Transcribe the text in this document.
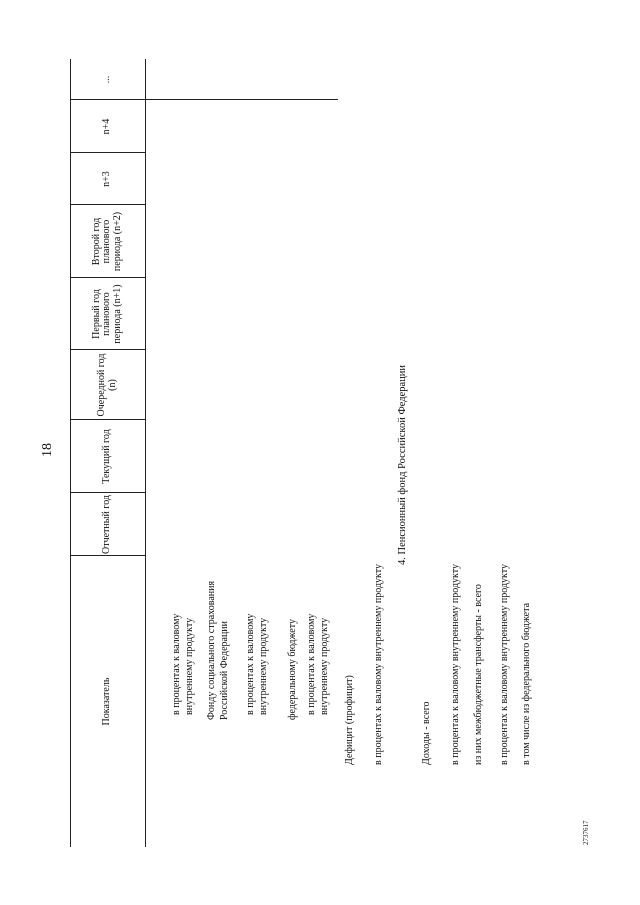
18
Показатель
Отчетный год
Текущий год
Очередной год (n)
Первый год планового периода (n+1)
Второй год планового периода (n+2)
n+3
n+4
...
в процентах к валовому внутреннему продукту Фонду социального страхования Российской Федерации в процентах к валовому внутреннему продукту федеральному бюджету в процентах к валовому внутреннему продукту
Дефицит (профицит) в процентах к валовому внутреннему продукту
4. Пенсионный фонд Российской Федерации
Доходы - всего в процентах к валовому внутреннему продукту из них межбюджетные трансферты - всего в процентах к валовому внутреннему продукту в том числе из федерального бюджета
2737617
